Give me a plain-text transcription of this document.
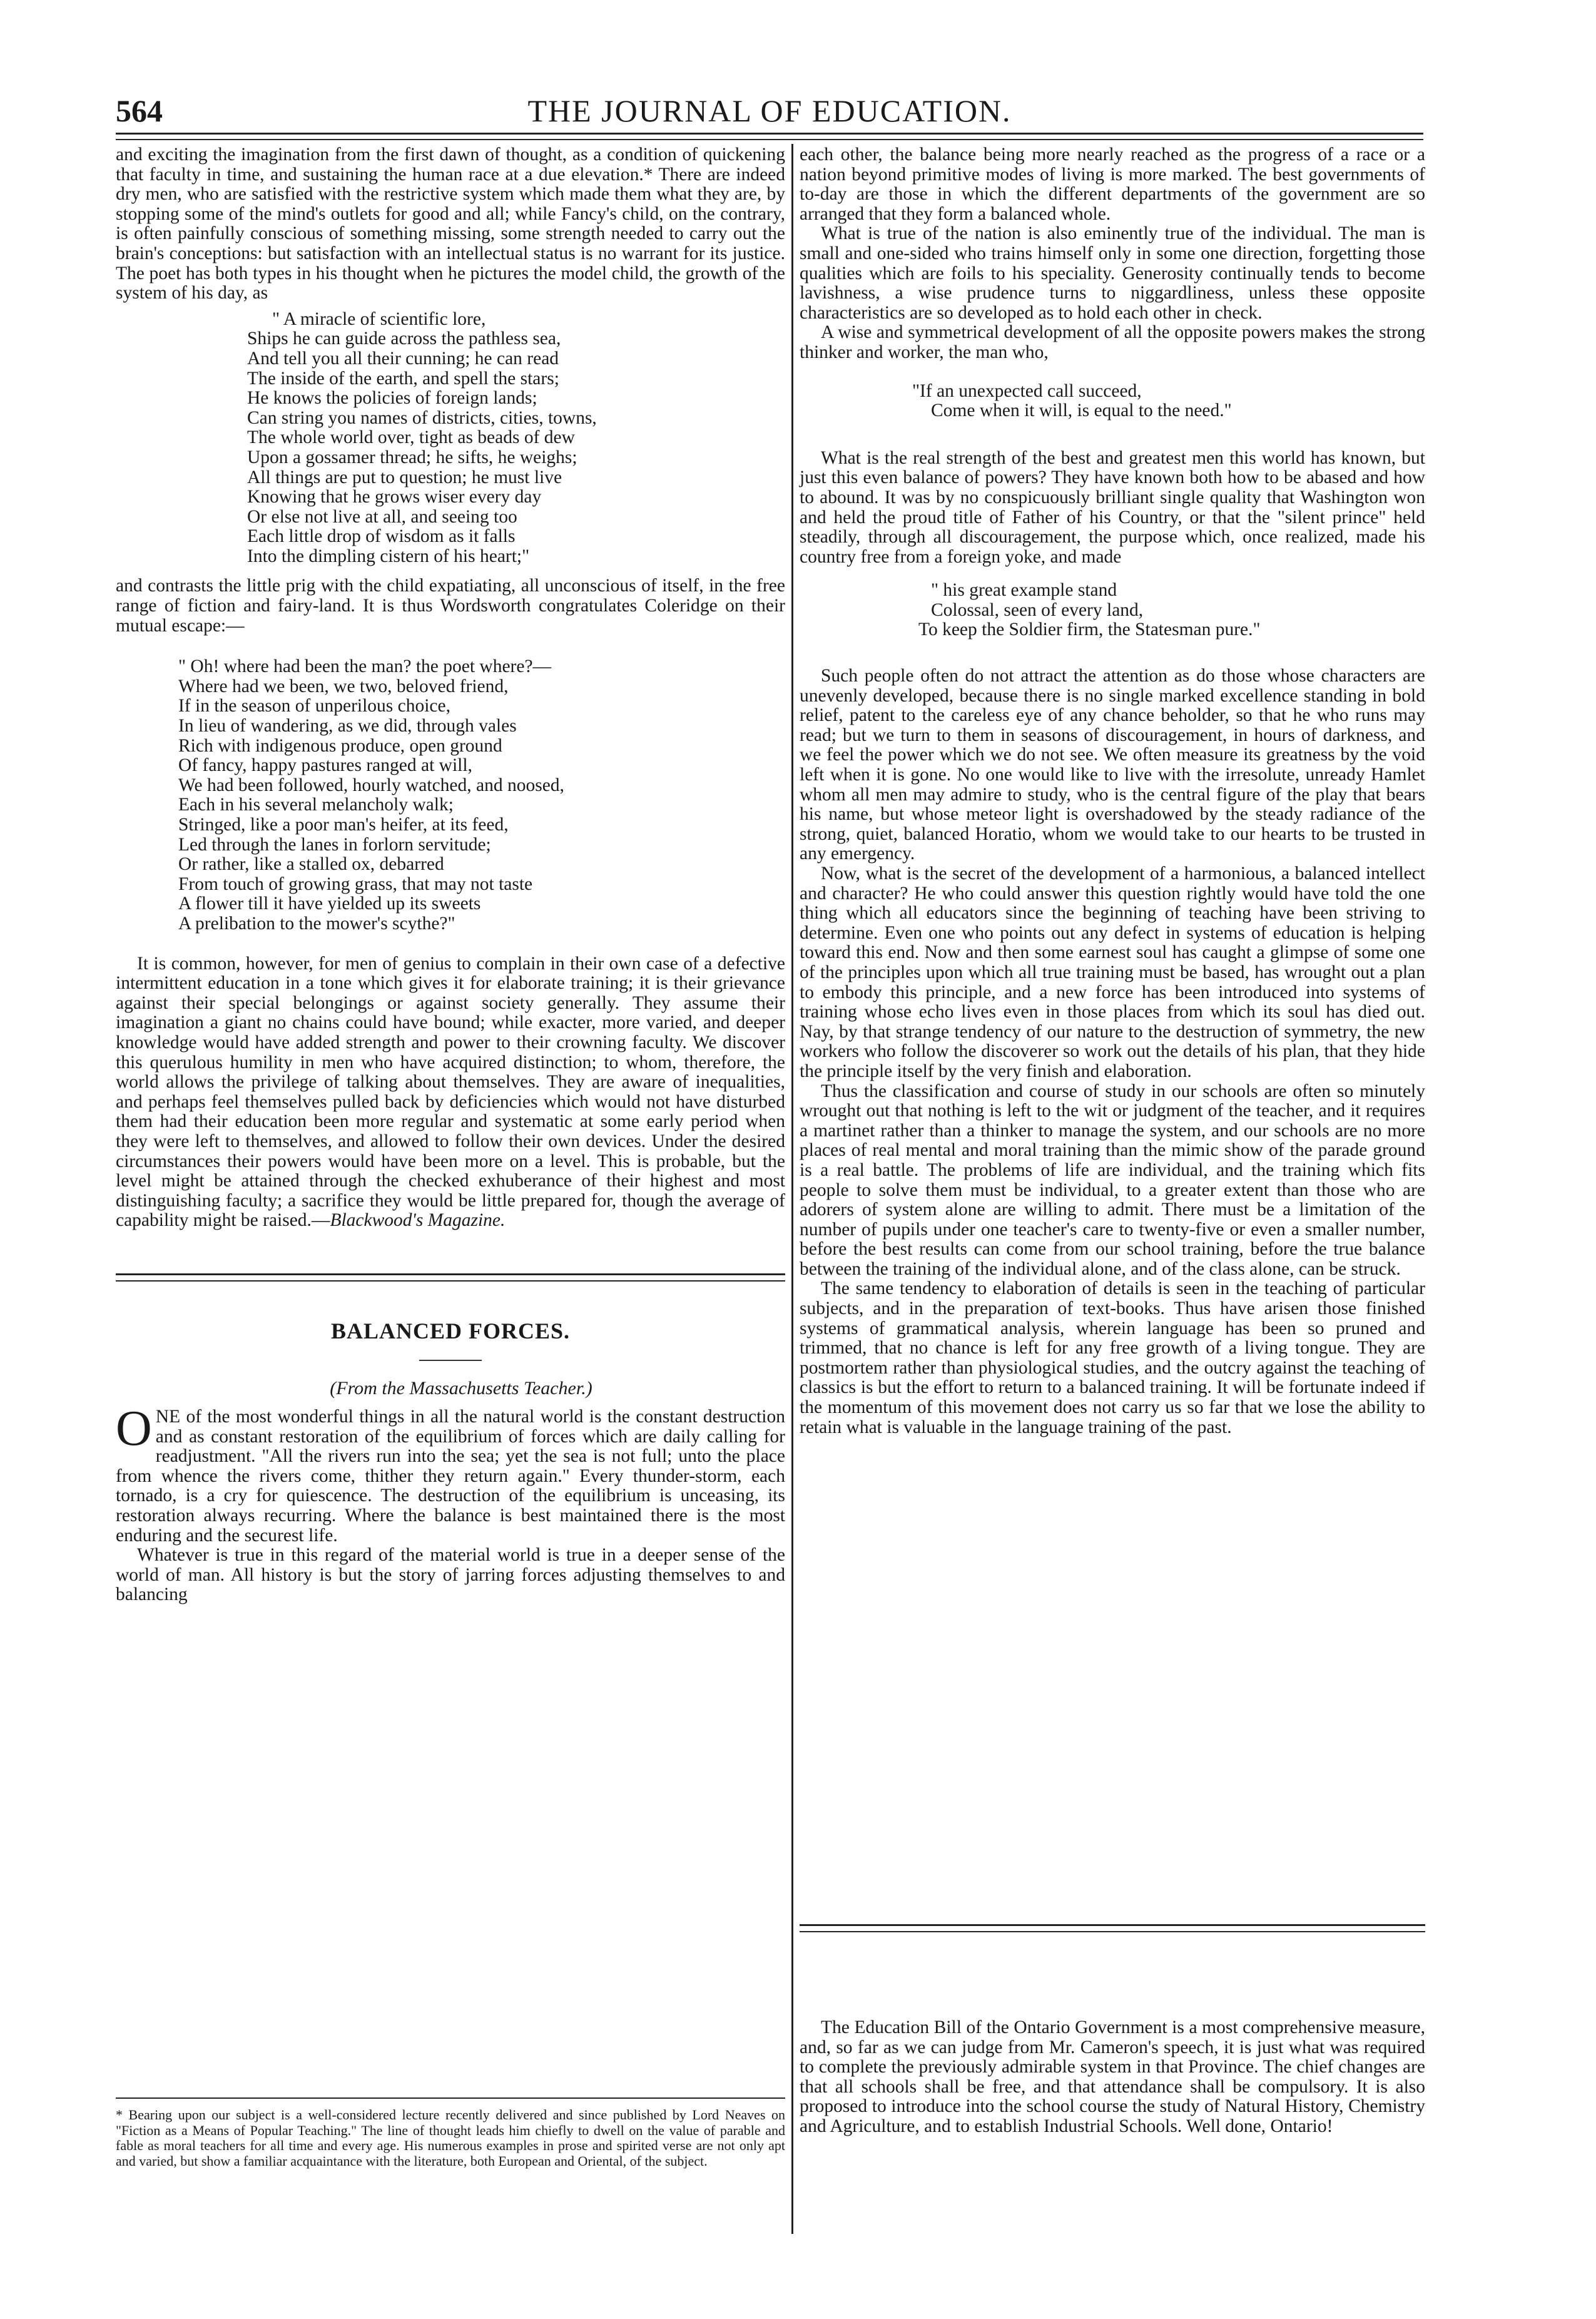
564	THE JOURNAL OF EDUCATION.

and exciting the imagination from the first dawn of thought, as a condition of quickening that faculty in time, and sustaining the human race at a due elevation.* There are indeed dry men, who are satisfied with the restrictive system which made them what they are, by stopping some of the mind's outlets for good and all; while Fancy's child, on the contrary, is often painfully conscious of something missing, some strength needed to carry out the brain's conceptions: but satisfaction with an intellectual status is no warrant for its justice. The poet has both types in his thought when he pictures the model child, the growth of the system of his day, as

" A miracle of scientific lore,
Ships he can guide across the pathless sea,
And tell you all their cunning; he can read
The inside of the earth, and spell the stars;
He knows the policies of foreign lands;
Can string you names of districts, cities, towns,
The whole world over, tight as beads of dew
Upon a gossamer thread; he sifts, he weighs;
All things are put to question; he must live
Knowing that he grows wiser every day
Or else not live at all, and seeing too
Each little drop of wisdom as it falls
Into the dimpling cistern of his heart;"

and contrasts the little prig with the child expatiating, all unconscious of itself, in the free range of fiction and fairy-land. It is thus Wordsworth congratulates Coleridge on their mutual escape:—

" Oh! where had been the man? the poet where?—
Where had we been, we two, beloved friend,
If in the season of unperilous choice,
In lieu of wandering, as we did, through vales
Rich with indigenous produce, open ground
Of fancy, happy pastures ranged at will,
We had been followed, hourly watched, and noosed,
Each in his several melancholy walk;
Stringed, like a poor man's heifer, at its feed,
Led through the lanes in forlorn servitude;
Or rather, like a stalled ox, debarred
From touch of growing grass, that may not taste
A flower till it have yielded up its sweets
A prelibation to the mower's scythe?"

It is common, however, for men of genius to complain in their own case of a defective intermittent education in a tone which gives it for elaborate training; it is their grievance against their special belongings or against society generally. They assume their imagination a giant no chains could have bound; while exacter, more varied, and deeper knowledge would have added strength and power to their crowning faculty. We discover this querulous humility in men who have acquired distinction; to whom, therefore, the world allows the privilege of talking about themselves. They are aware of inequalities, and perhaps feel themselves pulled back by deficiencies which would not have disturbed them had their education been more regular and systematic at some early period when they were left to themselves, and allowed to follow their own devices. Under the desired circumstances their powers would have been more on a level. This is probable, but the level might be attained through the checked exhuberance of their highest and most distinguishing faculty; a sacrifice they would be little prepared for, though the average of capability might be raised.—Blackwood's Magazine.

BALANCED FORCES.

(From the Massachusetts Teacher.)

ONE of the most wonderful things in all the natural world is the constant destruction and as constant restoration of the equilibrium of forces which are daily calling for readjustment. "All the rivers run into the sea; yet the sea is not full; unto the place from whence the rivers come, thither they return again." Every thunder-storm, each tornado, is a cry for quiescence. The destruction of the equilibrium is unceasing, its restoration always recurring. Where the balance is best maintained there is the most enduring and the securest life.

Whatever is true in this regard of the material world is true in a deeper sense of the world of man. All history is but the story of jarring forces adjusting themselves to and balancing

* Bearing upon our subject is a well-considered lecture recently delivered and since published by Lord Neaves on "Fiction as a Means of Popular Teaching." The line of thought leads him chiefly to dwell on the value of parable and fable as moral teachers for all time and every age. His numerous examples in prose and spirited verse are not only apt and varied, but show a familiar acquaintance with the literature, both European and Oriental, of the subject.

each other, the balance being more nearly reached as the progress of a race or a nation beyond primitive modes of living is more marked. The best governments of to-day are those in which the different departments of the government are so arranged that they form a balanced whole.

What is true of the nation is also eminently true of the individual. The man is small and one-sided who trains himself only in some one direction, forgetting those qualities which are foils to his speciality. Generosity continually tends to become lavishness, a wise prudence turns to niggardliness, unless these opposite characteristics are so developed as to hold each other in check.

A wise and symmetrical development of all the opposite powers makes the strong thinker and worker, the man who,

"If an unexpected call succeed,
Come when it will, is equal to the need."

What is the real strength of the best and greatest men this world has known, but just this even balance of powers? They have known both how to be abased and how to abound. It was by no conspicuously brilliant single quality that Washington won and held the proud title of Father of his Country, or that the "silent prince" held steadily, through all discouragement, the purpose which, once realized, made his country free from a foreign yoke, and made

" his great example stand
Colossal, seen of every land,
To keep the Soldier firm, the Statesman pure."

Such people often do not attract the attention as do those whose characters are unevenly developed, because there is no single marked excellence standing in bold relief, patent to the careless eye of any chance beholder, so that he who runs may read; but we turn to them in seasons of discouragement, in hours of darkness, and we feel the power which we do not see. We often measure its greatness by the void left when it is gone. No one would like to live with the irresolute, unready Hamlet whom all men may admire to study, who is the central figure of the play that bears his name, but whose meteor light is overshadowed by the steady radiance of the strong, quiet, balanced Horatio, whom we would take to our hearts to be trusted in any emergency.

Now, what is the secret of the development of a harmonious, a balanced intellect and character? He who could answer this question rightly would have told the one thing which all educators since the beginning of teaching have been striving to determine. Even one who points out any defect in systems of education is helping toward this end. Now and then some earnest soul has caught a glimpse of some one of the principles upon which all true training must be based, has wrought out a plan to embody this principle, and a new force has been introduced into systems of training whose echo lives even in those places from which its soul has died out. Nay, by that strange tendency of our nature to the destruction of symmetry, the new workers who follow the discoverer so work out the details of his plan, that they hide the principle itself by the very finish and elaboration.

Thus the classification and course of study in our schools are often so minutely wrought out that nothing is left to the wit or judgment of the teacher, and it requires a martinet rather than a thinker to manage the system, and our schools are no more places of real mental and moral training than the mimic show of the parade ground is a real battle. The problems of life are individual, and the training which fits people to solve them must be individual, to a greater extent than those who are adorers of system alone are willing to admit. There must be a limitation of the number of pupils under one teacher's care to twenty-five or even a smaller number, before the best results can come from our school training, before the true balance between the training of the individual alone, and of the class alone, can be struck.

The same tendency to elaboration of details is seen in the teaching of particular subjects, and in the preparation of text-books. Thus have arisen those finished systems of grammatical analysis, wherein language has been so pruned and trimmed, that no chance is left for any free growth of a living tongue. They are postmortem rather than physiological studies, and the outcry against the teaching of classics is but the effort to return to a balanced training. It will be fortunate indeed if the momentum of this movement does not carry us so far that we lose the ability to retain what is valuable in the language training of the past.

The Education Bill of the Ontario Government is a most comprehensive measure, and, so far as we can judge from Mr. Cameron's speech, it is just what was required to complete the previously admirable system in that Province. The chief changes are that all schools shall be free, and that attendance shall be compulsory. It is also proposed to introduce into the school course the study of Natural History, Chemistry and Agriculture, and to establish Industrial Schools. Well done, Ontario!
